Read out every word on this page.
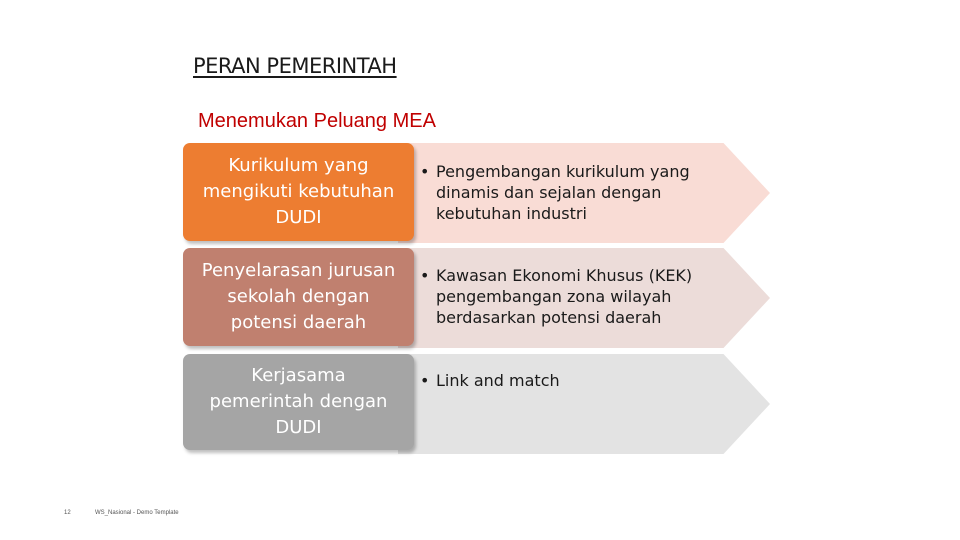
PERAN PEMERINTAH
Menemukan Peluang MEA
Kurikulum yang
mengikuti kebutuhan
DUDI
• Pengembangan kurikulum yang
dinamis dan sejalan dengan
kebutuhan industri
Penyelarasan jurusan
sekolah dengan
potensi daerah
• Kawasan Ekonomi Khusus (KEK)
pengembangan zona wilayah
berdasarkan potensi daerah
Kerjasama
pemerintah dengan
DUDI
• Link and match
12	WS_Nasional - Demo Template
